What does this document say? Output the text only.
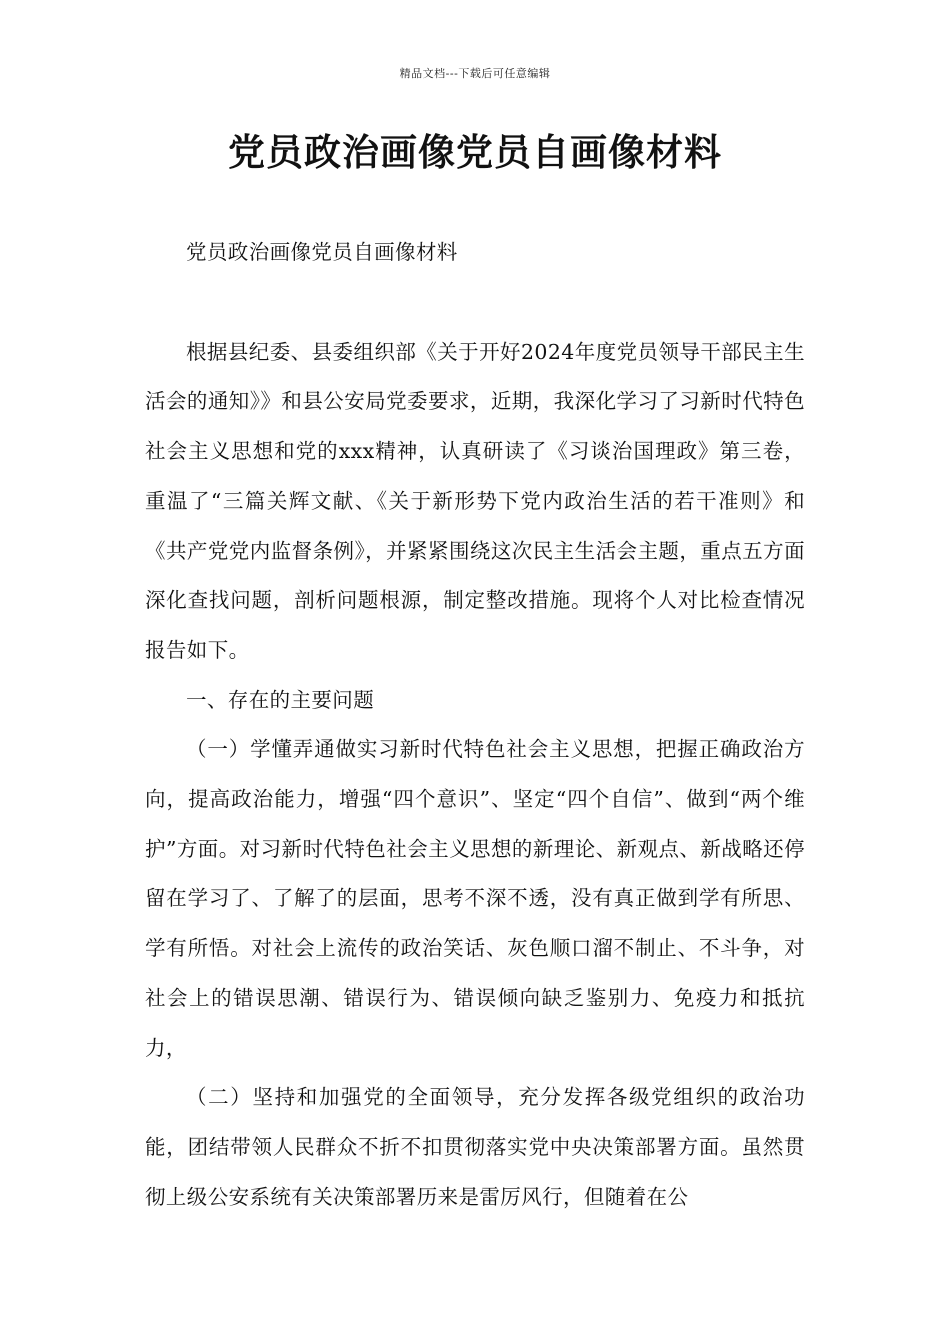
精品文档---下载后可任意编辑
党员政治画像党员自画像材料

党员政治画像党员自画像材料

根据县纪委、县委组织部《关于开好2024年度党员领导干部民主生活会的通知》》和县公安局党委要求，近期，我深化学习了习新时代特色社会主义思想和党的xxx精神，认真研读了《习谈治国理政》第三卷，重温了“三篇关辉文献、《关于新形势下党内政治生活的若干准则》和《共产党党内监督条例》，并紧紧围绕这次民主生活会主题，重点五方面深化查找问题，剖析问题根源，制定整改措施。现将个人对比检查情况报告如下。

一、存在的主要问题

（一）学懂弄通做实习新时代特色社会主义思想，把握正确政治方向，提高政治能力，增强“四个意识”、坚定“四个自信”、做到“两个维护”方面。对习新时代特色社会主义思想的新理论、新观点、新战略还停留在学习了、了解了的层面，思考不深不透，没有真正做到学有所思、学有所悟。对社会上流传的政治笑话、灰色顺口溜不制止、不斗争，对社会上的错误思潮、错误行为、错误倾向缺乏鉴别力、免疫力和抵抗力，

（二）坚持和加强党的全面领导，充分发挥各级党组织的政治功能，团结带领人民群众不折不扣贯彻落实党中央决策部署方面。虽然贯彻上级公安系统有关决策部署历来是雷厉风行，但随着在公
